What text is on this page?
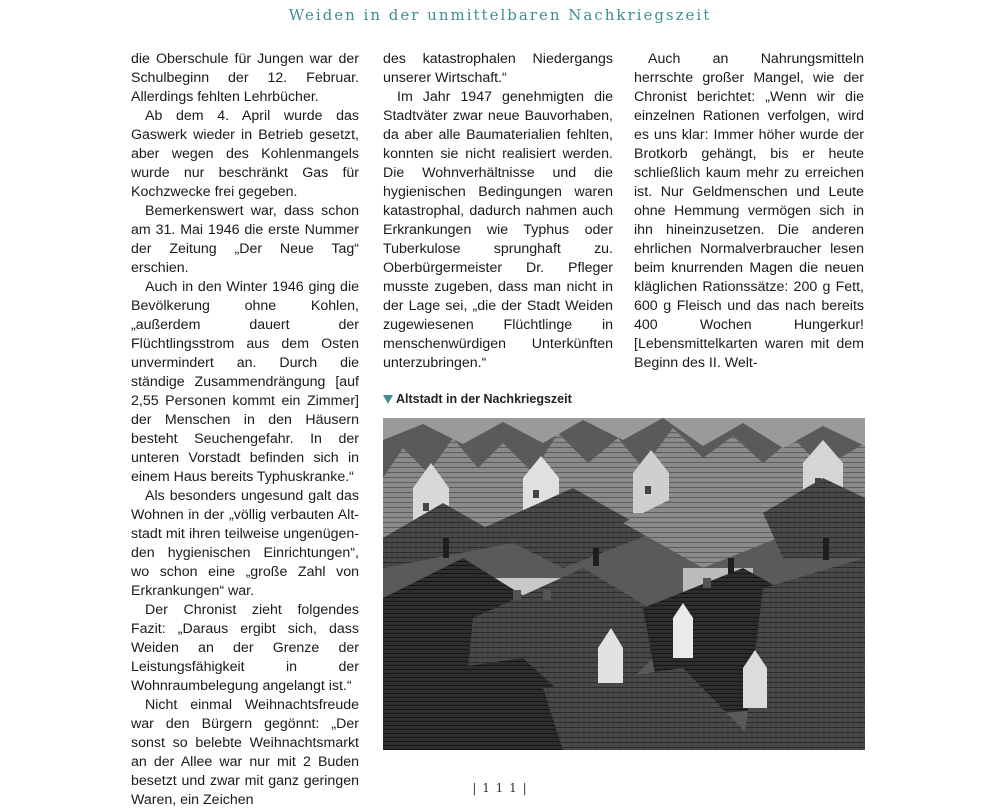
Weiden in der unmittelbaren Nachkriegszeit

die Oberschule für Jungen war der Schulbeginn der 12. Februar. Allerdings fehlten Lehrbücher.

Ab dem 4. April wurde das Gaswerk wieder in Betrieb gesetzt, aber wegen des Kohlenmangels wurde nur beschränkt Gas für Kochzwecke frei gegeben.

Bemerkenswert war, dass schon am 31. Mai 1946 die erste Nummer der Zeitung „Der Neue Tag“ erschien.

Auch in den Winter 1946 ging die Bevölkerung ohne Kohlen, „außerdem dauert der Flüchtlingsstrom aus dem Osten unvermindert an. Durch die ständige Zusammendrängung [auf 2,55 Personen kommt ein Zimmer] der Menschen in den Häusern besteht Seuchengefahr. In der unteren Vorstadt befinden sich in einem Haus bereits Typhuskranke.“

Als besonders ungesund galt das Wohnen in der „völlig verbauten Altstadt mit ihren teilweise ungenügenden hygienischen Einrichtungen“, wo schon eine „große Zahl von Erkrankungen“ war.

Der Chronist zieht folgendes Fazit: „Daraus ergibt sich, dass Weiden an der Grenze der Leistungsfähigkeit in der Wohnraumbelegung angelangt ist.“

Nicht einmal Weihnachtsfreude war den Bürgern gegönnt: „Der sonst so belebte Weihnachtsmarkt an der Allee war nur mit 2 Buden besetzt und zwar mit ganz geringen Waren, ein Zeichen

des katastrophalen Niedergangs unserer Wirtschaft.“

Im Jahr 1947 genehmigten die Stadtväter zwar neue Bauvorhaben, da aber alle Baumaterialien fehlten, konnten sie nicht realisiert werden. Die Wohnverhältnisse und die hygienischen Bedingungen waren katastrophal, dadurch nahmen auch Erkrankungen wie Typhus oder Tuberkulose sprunghaft zu. Oberbürgermeister Dr. Pfleger musste zugeben, dass man nicht in der Lage sei, „die der Stadt Weiden zugewiesenen Flüchtlinge in menschenwürdigen Unterkünften unterzubringen.“

Auch an Nahrungsmitteln herrschte großer Mangel, wie der Chronist berichtet: „Wenn wir die einzelnen Rationen verfolgen, wird es uns klar: Immer höher wurde der Brotkorb gehängt, bis er heute schließlich kaum mehr zu erreichen ist. Nur Geldmenschen und Leute ohne Hemmung vermögen sich in ihn hineinzusetzen. Die anderen ehrlichen Normalverbraucher lesen beim knurrenden Magen die neuen kläglichen Rationssätze: 200 g Fett, 600 g Fleisch und das nach bereits 400 Wochen Hungerkur! [Lebensmittelkarten waren mit dem Beginn des II. Welt-

Altstadt in der Nachkriegszeit
| 1 1 1 |
